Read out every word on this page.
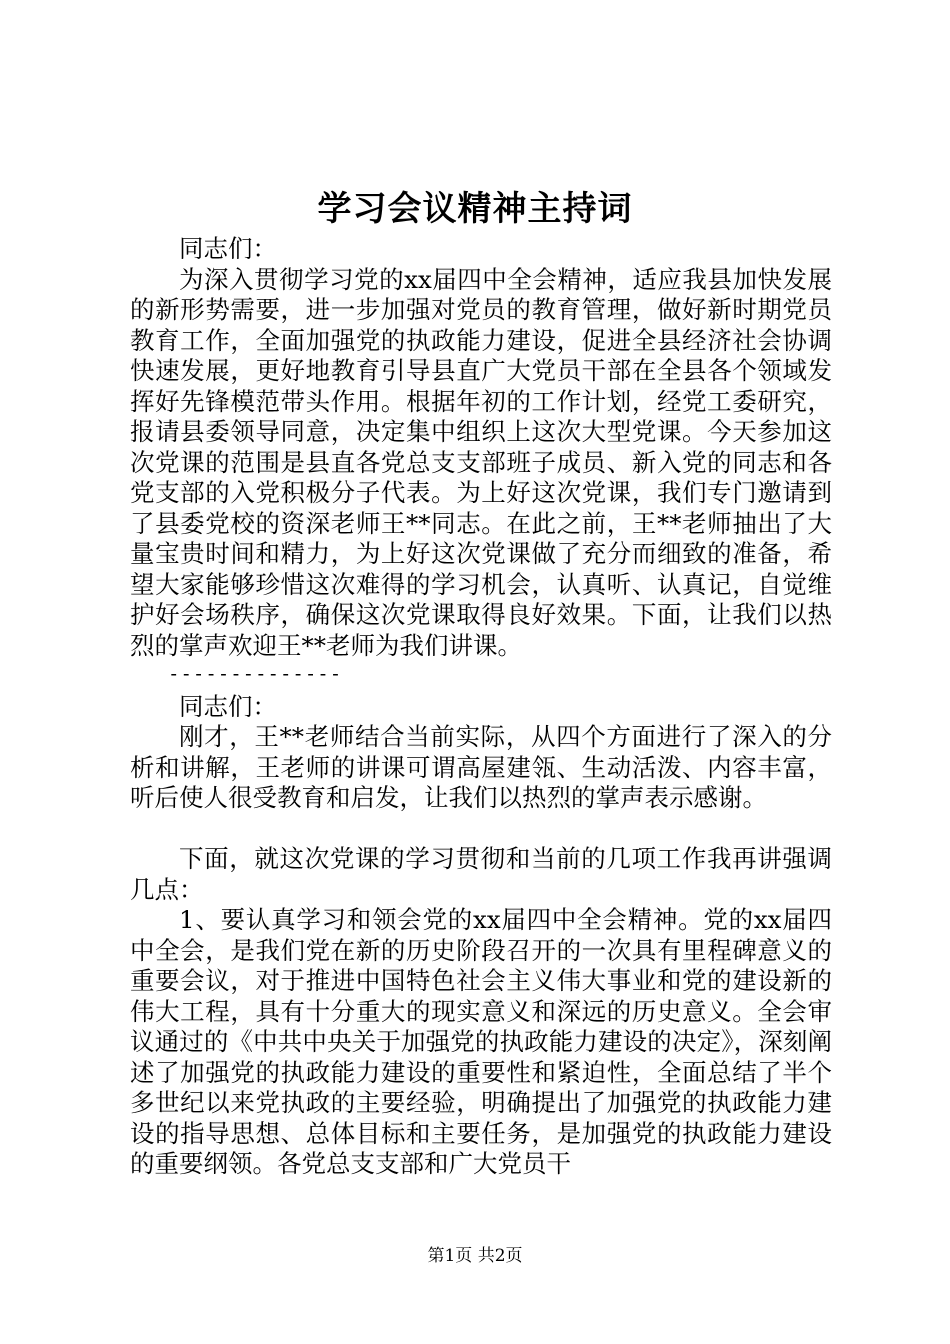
学习会议精神主持词

同志们：

为深入贯彻学习党的xx届四中全会精神，适应我县加快发展的新形势需要，进一步加强对党员的教育管理，做好新时期党员教育工作，全面加强党的执政能力建设，促进全县经济社会协调快速发展，更好地教育引导县直广大党员干部在全县各个领域发挥好先锋模范带头作用。根据年初的工作计划，经党工委研究，报请县委领导同意，决定集中组织上这次大型党课。今天参加这次党课的范围是县直各党总支支部班子成员、新入党的同志和各党支部的入党积极分子代表。为上好这次党课，我们专门邀请到了县委党校的资深老师王**同志。在此之前，王**老师抽出了大量宝贵时间和精力，为上好这次党课做了充分而细致的准备，希望大家能够珍惜这次难得的学习机会，认真听、认真记，自觉维护好会场秩序，确保这次党课取得良好效果。下面，让我们以热烈的掌声欢迎王**老师为我们讲课。

--------------

同志们：

刚才，王**老师结合当前实际，从四个方面进行了深入的分析和讲解，王老师的讲课可谓高屋建瓴、生动活泼、内容丰富，听后使人很受教育和启发，让我们以热烈的掌声表示感谢。

下面，就这次党课的学习贯彻和当前的几项工作我再讲强调几点：

1、要认真学习和领会党的xx届四中全会精神。党的xx届四中全会，是我们党在新的历史阶段召开的一次具有里程碑意义的重要会议，对于推进中国特色社会主义伟大事业和党的建设新的伟大工程，具有十分重大的现实意义和深远的历史意义。全会审议通过的《中共中央关于加强党的执政能力建设的决定》，深刻阐述了加强党的执政能力建设的重要性和紧迫性，全面总结了半个多世纪以来党执政的主要经验，明确提出了加强党的执政能力建设的指导思想、总体目标和主要任务，是加强党的执政能力建设的重要纲领。各党总支支部和广大党员干

第1页 共2页
